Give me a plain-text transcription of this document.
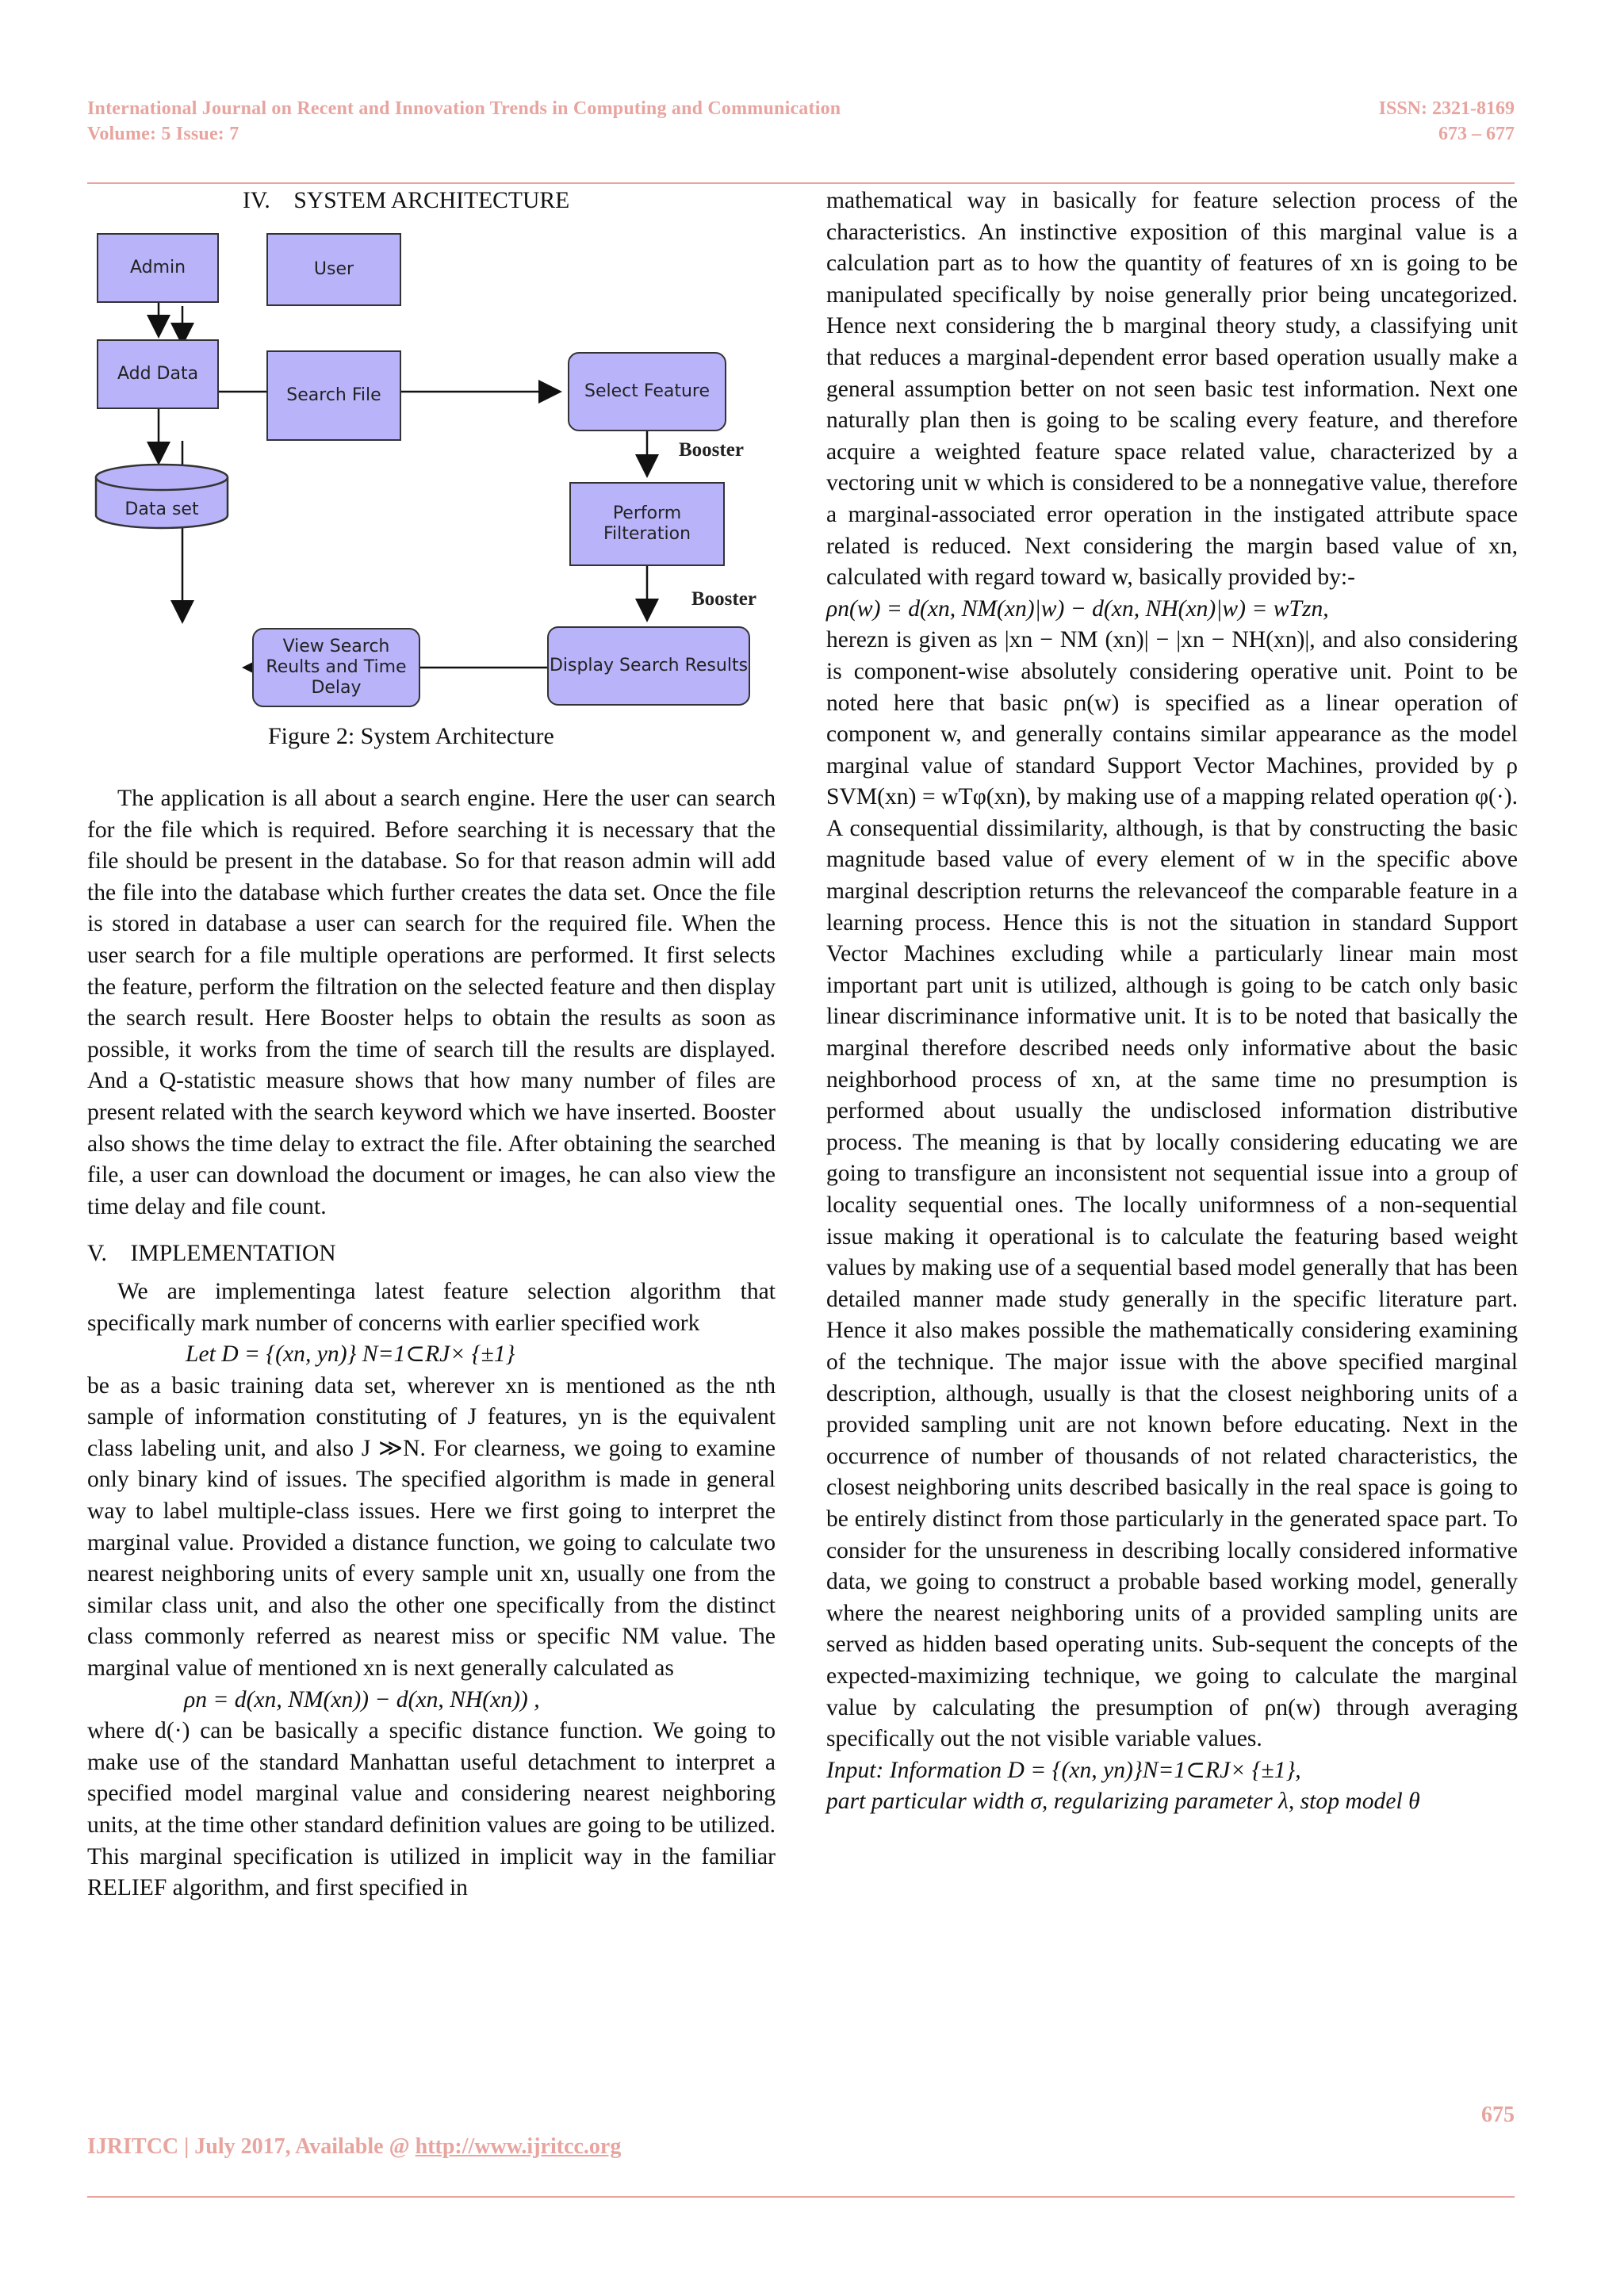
International Journal on Recent and Innovation Trends in Computing and Communication
Volume: 5 Issue: 7
ISSN: 2321-8169
673 – 677
IV.    SYSTEM ARCHITECTURE
Admin
Add Data
Data set
User
Search File	Select Feature
Booster
Perform Filteration
Booster
View Search Reults and Time Delay
Display Search Results
Figure 2: System Architecture

The application is all about a search engine. Here the user can search for the file which is required. Before searching it is necessary that the file should be present in the database. So for that reason admin will add the file into the database which further creates the data set. Once the file is stored in database a user can search for the required file. When the user search for a file multiple operations are performed. It first selects the feature, perform the filtration on the selected feature and then display the search result. Here Booster helps to obtain the results as soon as possible, it works from the time of search till the results are displayed. And a Q-statistic measure shows that how many number of files are present related with the search keyword which we have inserted. Booster also shows the time delay to extract the file. After obtaining the searched file, a user can download the document or images, he can also view the time delay and file count.

V.    IMPLEMENTATION

We are implementinga latest feature selection algorithm that specifically mark number of concerns with earlier specified work

Let D = {(xn, yn)} N=1⊂RJ× {±1}

be as a basic training data set, wherever xn is mentioned as the nth sample of information constituting of J features, yn is the equivalent class labeling unit, and also J ≫N. For clearness, we going to examine only binary kind of issues. The specified algorithm is made in general way to label multiple-class issues. Here we first going to interpret the marginal value. Provided a distance function, we going to calculate two nearest neighboring units of every sample unit xn, usually one from the similar class unit, and also the other one specifically from the distinct class commonly referred as nearest miss or specific NM value. The marginal value of mentioned xn is next generally calculated as

ρn = d(xn, NM(xn)) − d(xn, NH(xn)) ,

where d(·) can be basically a specific distance function. We going to make use of the standard Manhattan useful detachment to interpret a specified model marginal value and considering nearest neighboring units, at the time other standard definition values are going to be utilized. This marginal specification is utilized in implicit way in the familiar RELIEF algorithm, and first specified in

mathematical way in basically for feature selection process of the characteristics. An instinctive exposition of this marginal value is a calculation part as to how the quantity of features of xn is going to be manipulated specifically by noise generally prior being uncategorized. Hence next considering the b marginal theory study, a classifying unit that reduces a marginal-dependent error based operation usually make a general assumption better on not seen basic test information. Next one naturally plan then is going to be scaling every feature, and therefore acquire a weighted feature space related value, characterized by a vectoring unit w which is considered to be a nonnegative value, therefore a marginal-associated error operation in the instigated attribute space related is reduced. Next considering the margin based value of xn, calculated with regard toward w, basically provided by:-

ρn(w) = d(xn, NM(xn)|w) − d(xn, NH(xn)|w) = wTzn,

herezn is given as |xn − NM (xn)| − |xn − NH(xn)|, and also considering is component-wise absolutely considering operative unit. Point to be noted here that basic ρn(w) is specified as a linear operation of component w, and generally contains similar appearance as the model marginal value of standard Support Vector Machines, provided by ρ SVM(xn) = wTφ(xn), by making use of a mapping related operation φ(·). A consequential dissimilarity, although, is that by constructing the basic magnitude based value of every element of w in the specific above marginal description returns the relevanceof the comparable feature in a learning process. Hence this is not the situation in standard Support Vector Machines excluding while a particularly linear main most important part unit is utilized, although is going to be catch only basic linear discriminance informative unit. It is to be noted that basically the marginal therefore described needs only informative about the basic neighborhood process of xn, at the same time no presumption is performed about usually the undisclosed information distributive process. The meaning is that by locally considering educating we are going to transfigure an inconsistent not sequential issue into a group of locality sequential ones. The locally uniformness of a non-sequential issue making it operational is to calculate the featuring based weight values by making use of a sequential based model generally that has been detailed manner made study generally in the specific literature part. Hence it also makes possible the mathematically considering examining of the technique. The major issue with the above specified marginal description, although, usually is that the closest neighboring units of a provided sampling unit are not known before educating. Next in the occurrence of number of thousands of not related characteristics, the closest neighboring units described basically in the real space is going to be entirely distinct from those particularly in the generated space part. To consider for the unsureness in describing locally considered informative data, we going to construct a probable based working model, generally where the nearest neighboring units of a provided sampling units are served as hidden based operating units. Sub-sequent the concepts of the expected-maximizing technique, we going to calculate the marginal value by calculating the presumption of ρn(w) through averaging specifically out the not visible variable values.

Input: Information D = {(xn, yn)}N=1⊂RJ× {±1},

part particular width σ, regularizing parameter λ, stop model θ

675
IJRITCC | July 2017, Available @ http://www.ijritcc.org
